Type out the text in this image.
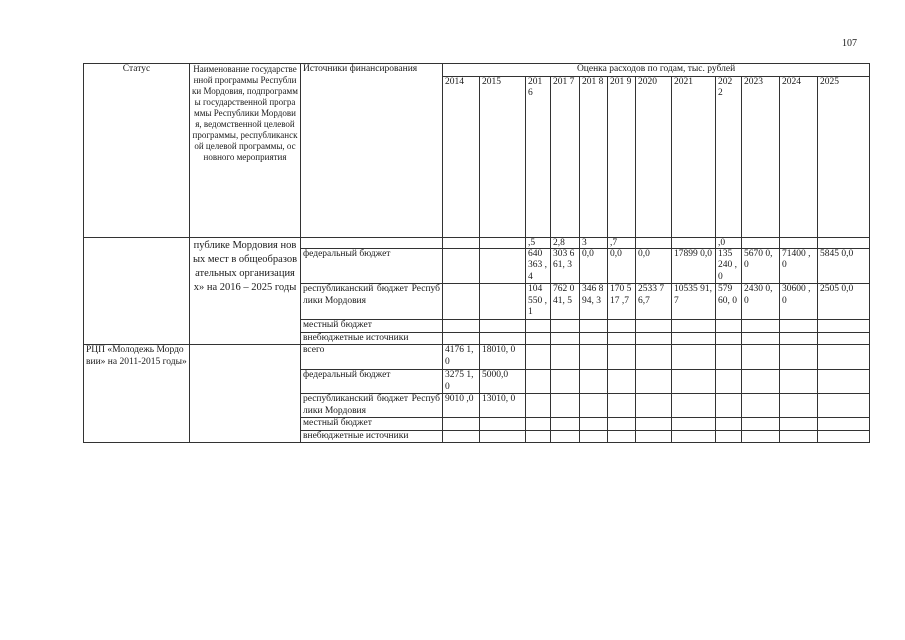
107
Статус	Наименование государственной программы Республики Мордовия, подпрограммы государственной программы Республики Мордовия, ведомственной целевой программы, республиканской целевой программы, основного мероприятия	Источники финансирования	Оценка расходов по годам, тыс. рублей											
			2014	2015	201 6	201 7	201 8	201 9	2020	2021	202 2	2023	2024	2025
	публике Мордовия новых мест в общеобразовательных организациях» на 2016 – 2025 годы				,5	2,8	3	,7			,0			
		федеральный бюджет			640 363 ,4	303 661, 3	0,0	0,0	0,0	17899 0,0	135 240 ,0	5670 0,0	71400 ,0	5845 0,0
		республиканский бюджет Республики Мордовия			104 550 ,1	762 041, 5	346 894, 3	170 517 ,7	2533 76,7	10535 91,7	579 60, 0	2430 0,0	30600 ,0	2505 0,0
		местный бюджет												
		внебюджетные источники												
РЦП «Молодежь Мордовии» на 2011-2015 годы»		всего	4176 1,0	18010, 0										
		федеральный бюджет	3275 1,0	5000,0										
		республиканский бюджет Республики Мордовия	9010 ,0	13010, 0										
		местный бюджет												
		внебюджетные источники												
